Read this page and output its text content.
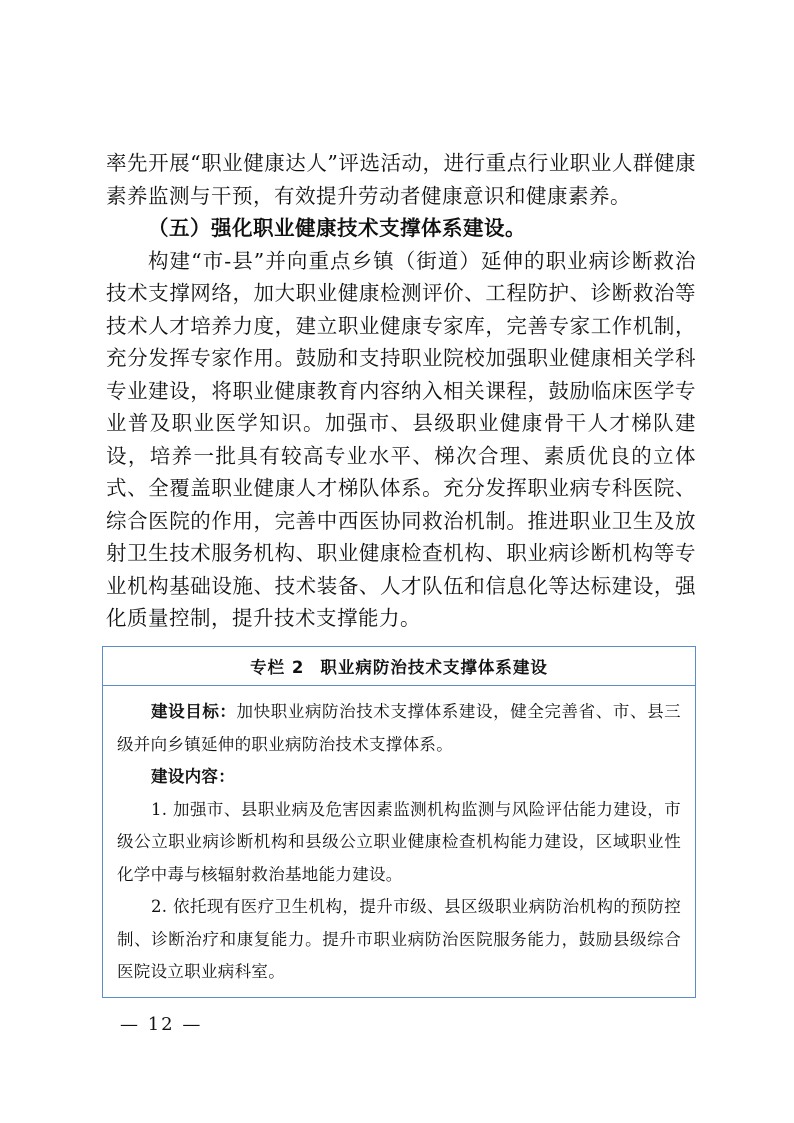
率先开展“职业健康达人”评选活动，进行重点行业职业人群健康素养监测与干预，有效提升劳动者健康意识和健康素养。

（五）强化职业健康技术支撑体系建设。

构建“市-县”并向重点乡镇（街道）延伸的职业病诊断救治技术支撑网络，加大职业健康检测评价、工程防护、诊断救治等技术人才培养力度，建立职业健康专家库，完善专家工作机制，充分发挥专家作用。鼓励和支持职业院校加强职业健康相关学科专业建设，将职业健康教育内容纳入相关课程，鼓励临床医学专业普及职业医学知识。加强市、县级职业健康骨干人才梯队建设，培养一批具有较高专业水平、梯次合理、素质优良的立体式、全覆盖职业健康人才梯队体系。充分发挥职业病专科医院、综合医院的作用，完善中西医协同救治机制。推进职业卫生及放射卫生技术服务机构、职业健康检查机构、职业病诊断机构等专业机构基础设施、技术装备、人才队伍和信息化等达标建设，强化质量控制，提升技术支撑能力。

专栏 2 职业病防治技术支撑体系建设

建设目标：加快职业病防治技术支撑体系建设，健全完善省、市、县三级并向乡镇延伸的职业病防治技术支撑体系。

建设内容：

1. 加强市、县职业病及危害因素监测机构监测与风险评估能力建设，市级公立职业病诊断机构和县级公立职业健康检查机构能力建设，区域职业性化学中毒与核辐射救治基地能力建设。

2. 依托现有医疗卫生机构，提升市级、县区级职业病防治机构的预防控制、诊断治疗和康复能力。提升市职业病防治医院服务能力，鼓励县级综合医院设立职业病科室。

— 12 —
